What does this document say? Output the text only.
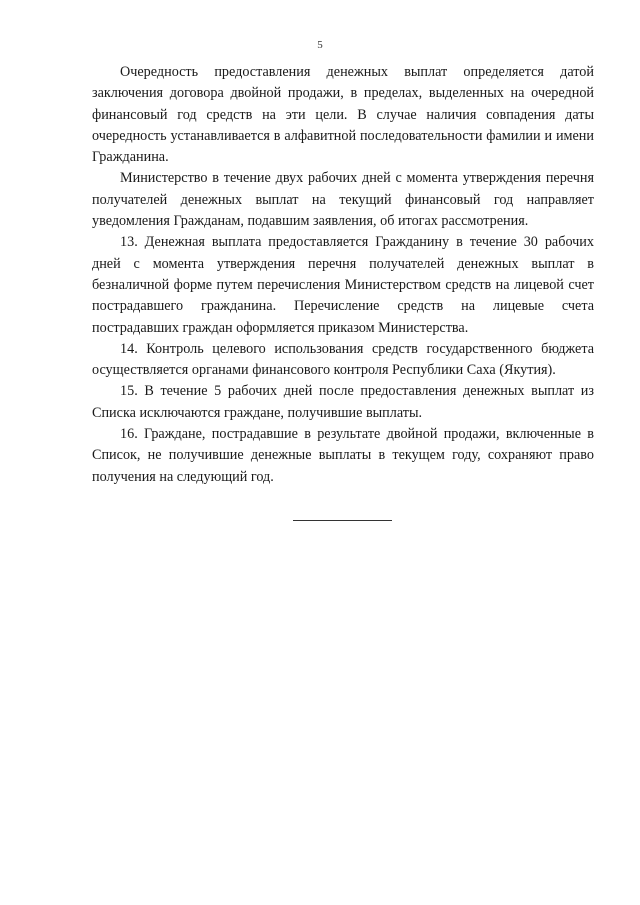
5

Очередность предоставления денежных выплат определяется датой заключения договора двойной продажи, в пределах, выделенных на очередной финансовый год средств на эти цели. В случае наличия совпадения даты очередность устанавливается в алфавитной последовательности фамилии и имени Гражданина.

Министерство в течение двух рабочих дней с момента утверждения перечня получателей денежных выплат на текущий финансовый год направляет уведомления Гражданам, подавшим заявления, об итогах рассмотрения.

13. Денежная выплата предоставляется Гражданину в течение 30 рабочих дней с момента утверждения перечня получателей денежных выплат в безналичной форме путем перечисления Министерством средств на лицевой счет пострадавшего гражданина. Перечисление средств на лицевые счета пострадавших граждан оформляется приказом Министерства.

14. Контроль целевого использования средств государственного бюджета осуществляется органами финансового контроля Республики Саха (Якутия).

15. В течение 5 рабочих дней после предоставления денежных выплат из Списка исключаются граждане, получившие выплаты.

16. Граждане, пострадавшие в результате двойной продажи, включенные в Список, не получившие денежные выплаты в текущем году, сохраняют право получения на следующий год.
